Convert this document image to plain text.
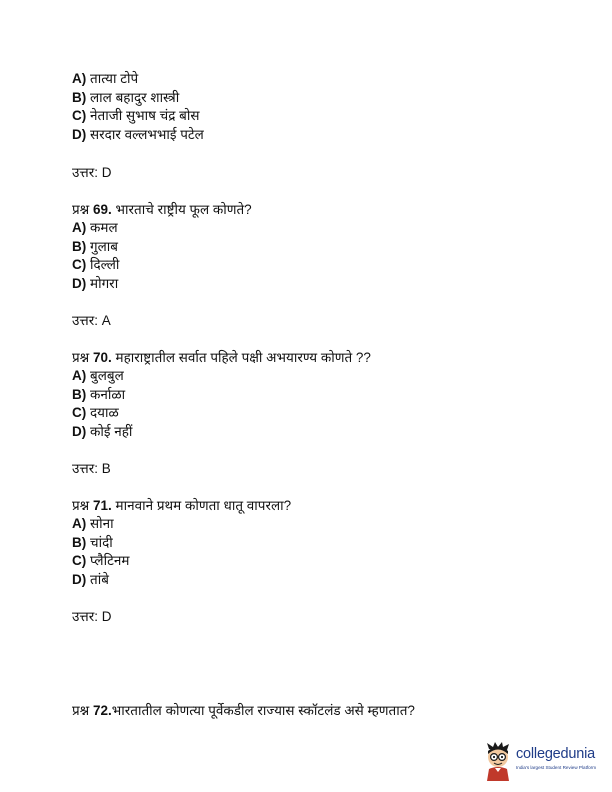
A) तात्या टोपे
B) लाल बहादुर शास्त्री
C) नेताजी सुभाष चंद्र बोस
D) सरदार वल्लभभाई पटेल
उत्तर: D
प्रश्न 69. भारताचे राष्ट्रीय फूल कोणते?
A) कमल
B) गुलाब
C) दिल्ली
D) मोगरा
उत्तर: A
प्रश्न 70. महाराष्ट्रातील सर्वात पहिले पक्षी अभयारण्य कोणते ??
A) बुलबुल
B) कर्नाळा
C) दयाळ
D) कोई नहीं
उत्तर: B
प्रश्न 71. मानवाने प्रथम कोणता धातू वापरला?
A) सोना
B) चांदी
C) प्लैटिनम
D) तांबे
उत्तर: D
प्रश्न 72.भारतातील कोणत्या पूर्वेकडील राज्यास स्कॉटलंड असे म्हणतात?
collegedunia
India's largest Student Review Platform
